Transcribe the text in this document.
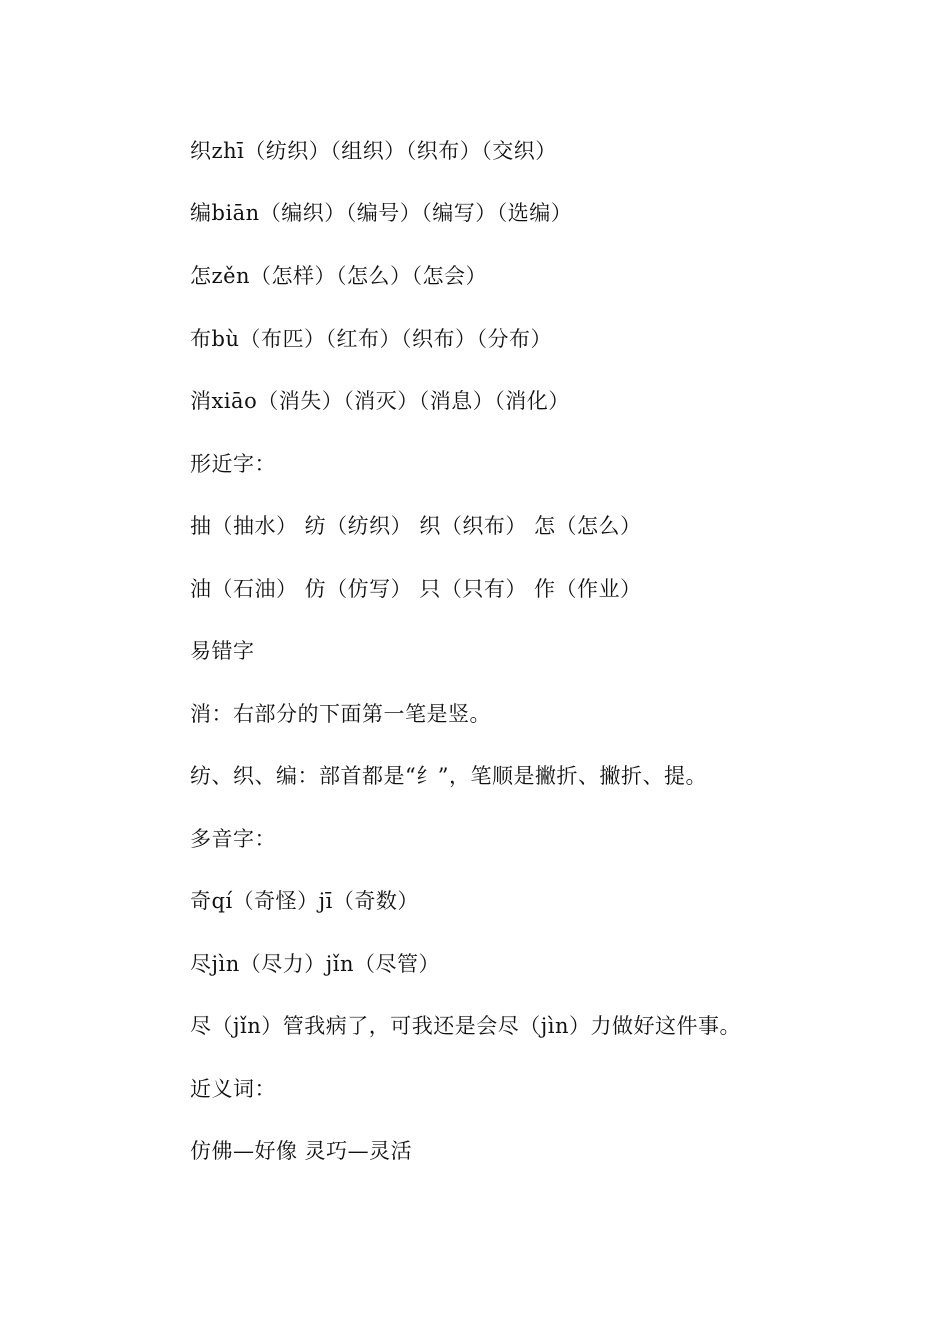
织zhī（纺织）（组织）（织布）（交织）
编biān（编织）（编号）（编写）（选编）
怎zěn（怎样）（怎么）（怎会）
布bù（布匹）（红布）（织布）（分布）
消xiāo（消失）（消灭）（消息）（消化）
形近字：
抽（抽水） 纺（纺织） 织（织布） 怎（怎么）
油（石油） 仿（仿写） 只（只有） 作（作业）
易错字
消：右部分的下面第一笔是竖。
纺、织、编：部首都是“纟”，笔顺是撇折、撇折、提。
多音字：
奇qí（奇怪）jī（奇数）
尽jìn（尽力）jǐn（尽管）
尽（jǐn）管我病了，可我还是会尽（jìn）力做好这件事。
近义词：
仿佛—好像 灵巧—灵活
